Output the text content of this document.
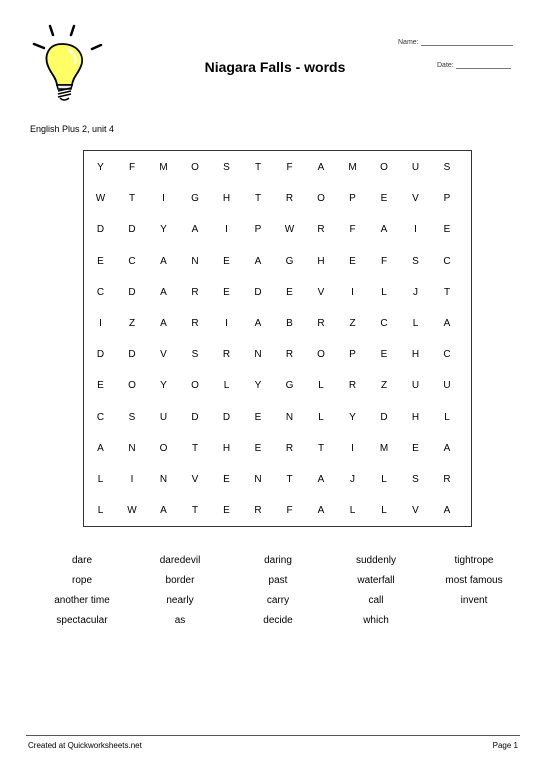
Niagara Falls - words
Name:
Date:
English Plus 2, unit 4
Y	F	M	O	S	T	F	A	M	O	U	S
W	T	I	G	H	T	R	O	P	E	V	P
D	D	Y	A	I	P	W	R	F	A	I	E
E	C	A	N	E	A	G	H	E	F	S	C
C	D	A	R	E	D	E	V	I	L	J	T
I	Z	A	R	I	A	B	R	Z	C	L	A
D	D	V	S	R	N	R	O	P	E	H	C
E	O	Y	O	L	Y	G	L	R	Z	U	U
C	S	U	D	D	E	N	L	Y	D	H	L
A	N	O	T	H	E	R	T	I	M	E	A
L	I	N	V	E	N	T	A	J	L	S	R
L	W	A	T	E	R	F	A	L	L	V	A
dare	daredevil	daring	suddenly	tightrope
rope	border	past	waterfall	most famous
another time	nearly	carry	call	invent
spectacular	as	decide	which
Created at Quickworksheets.net	Page 1
